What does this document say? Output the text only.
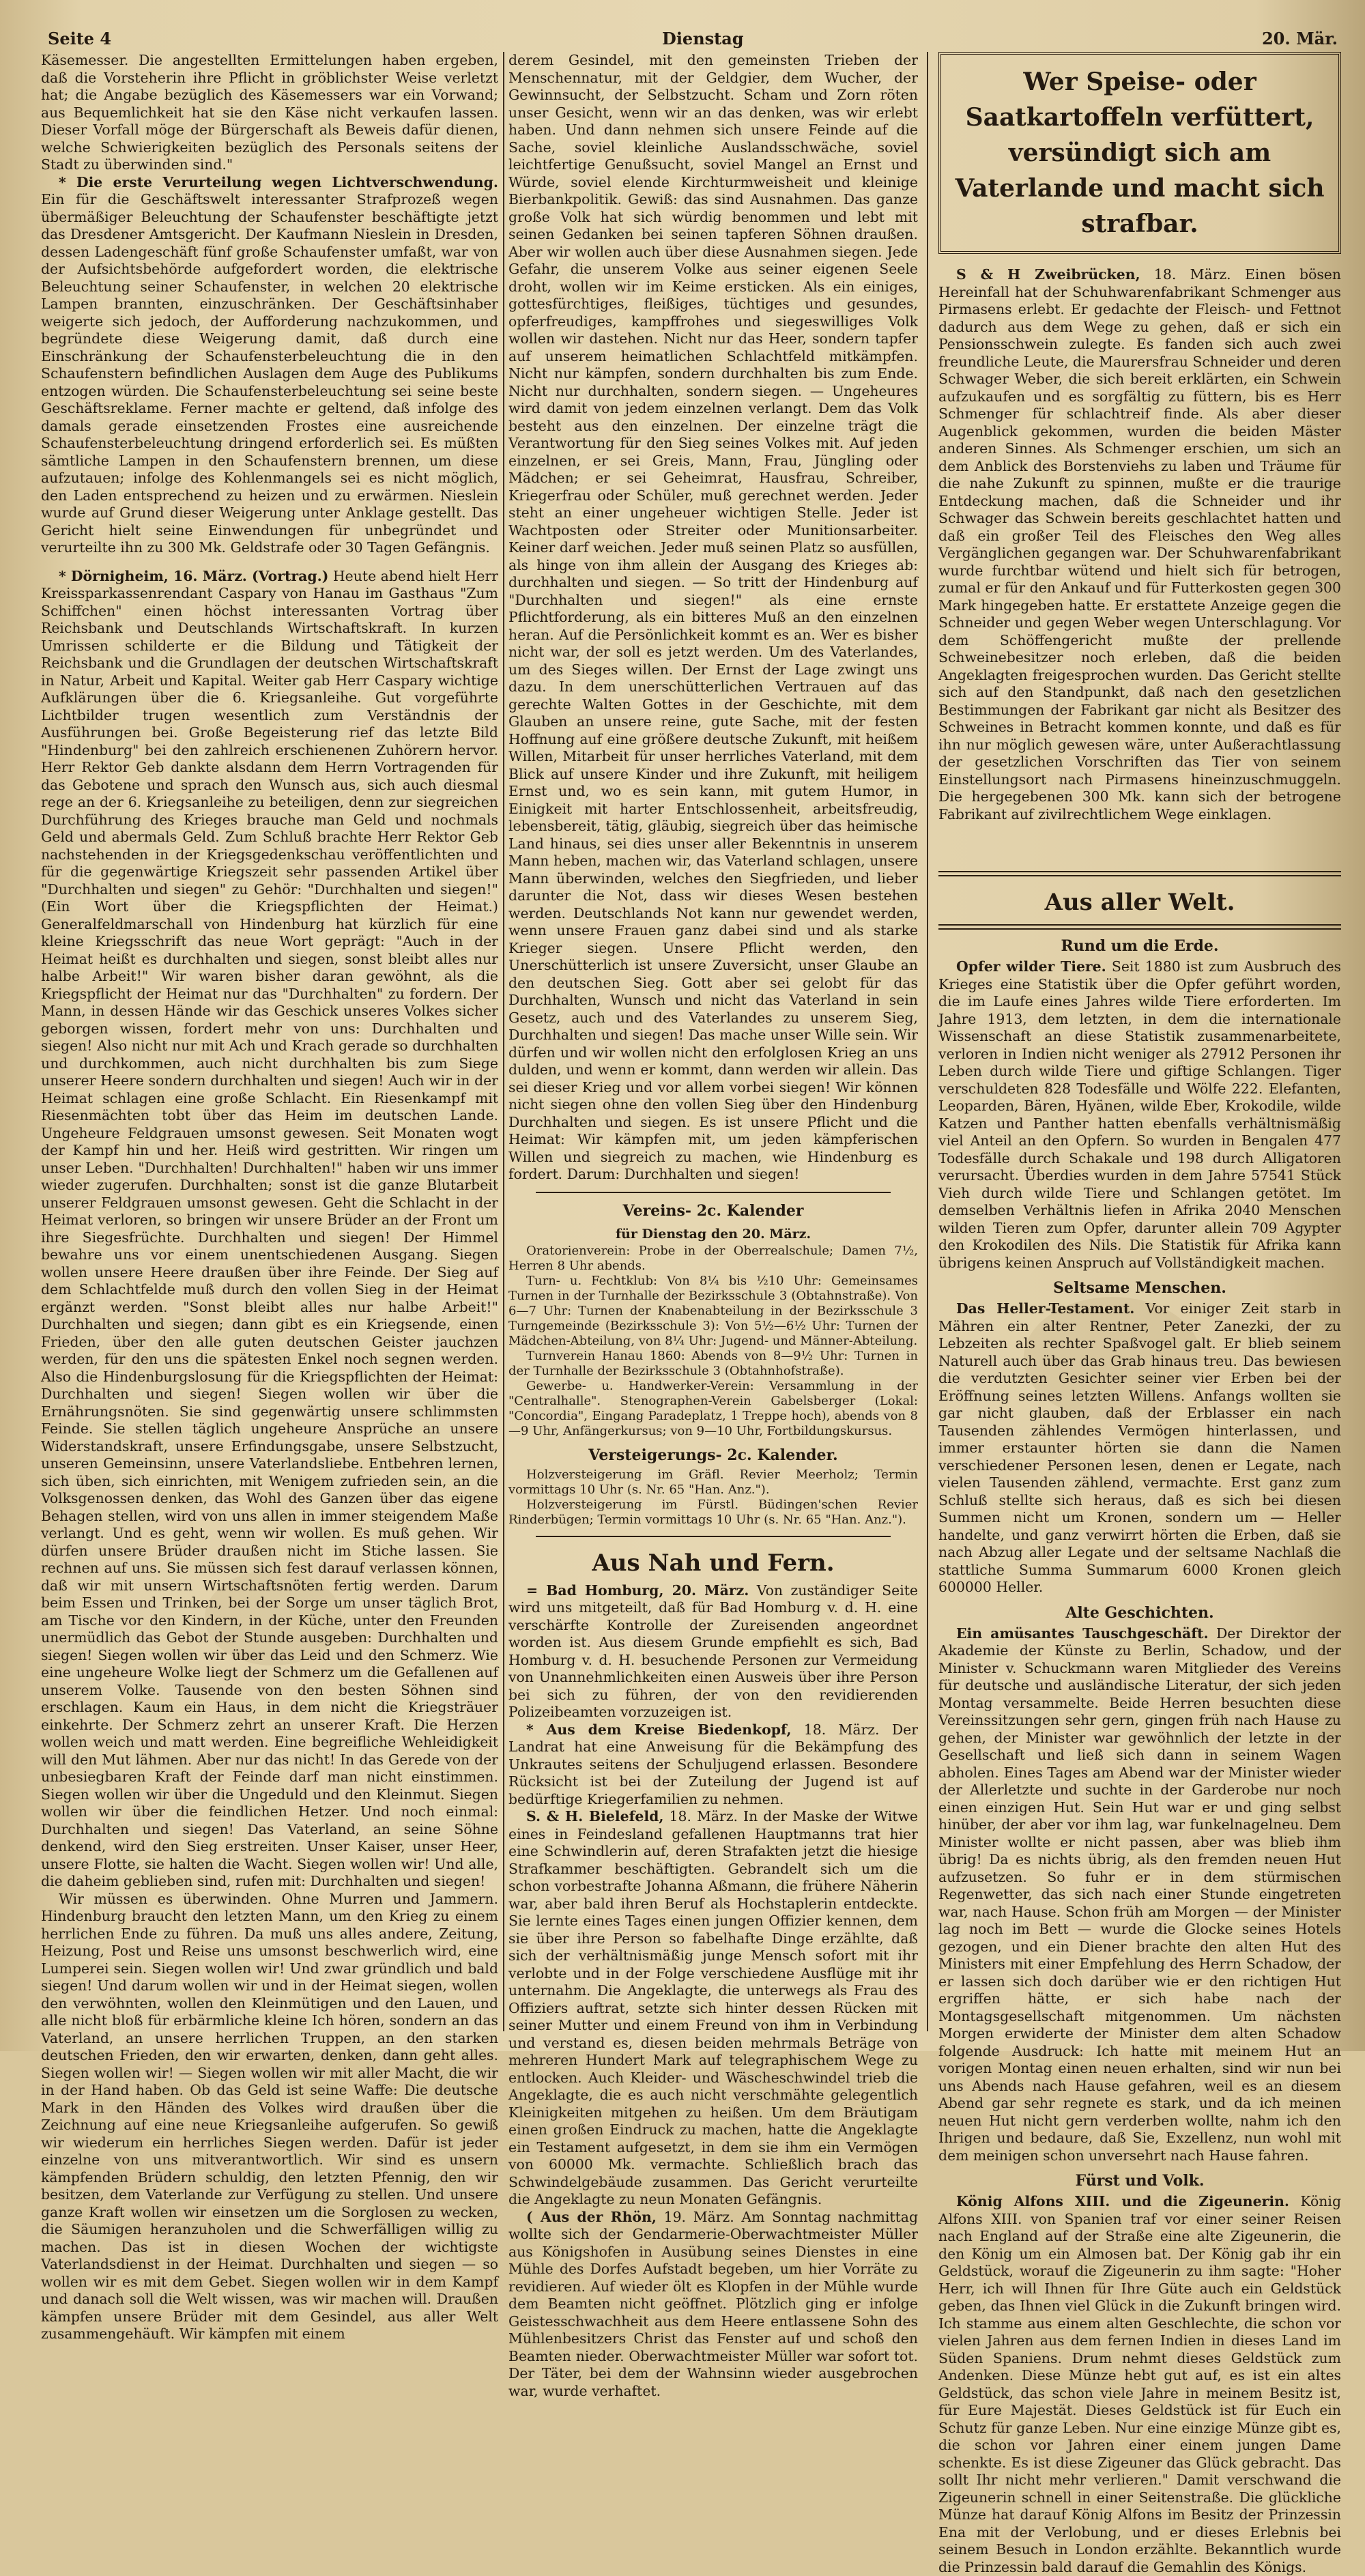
Seite 4	Dienstag	20. Mär.

Käsemesser. Die angestellten Ermittelungen haben ergeben, daß die Vorsteherin ihre Pflicht in gröblichster Weise verletzt hat; die Angabe bezüglich des Käsemessers war ein Vorwand; aus Bequemlichkeit hat sie den Käse nicht verkaufen lassen. Dieser Vorfall möge der Bürgerschaft als Beweis dafür dienen, welche Schwierigkeiten bezüglich des Personals seitens der Stadt zu überwinden sind."

* Die erste Verurteilung wegen Lichtverschwendung. Ein für die Geschäftswelt interessanter Strafprozeß wegen übermäßiger Beleuchtung der Schaufenster beschäftigte jetzt das Dresdener Amtsgericht. Der Kaufmann Nieslein in Dresden, dessen Ladengeschäft fünf große Schaufenster umfaßt, war von der Aufsichtsbehörde aufgefordert worden, die elektrische Beleuchtung seiner Schaufenster, in welchen 20 elektrische Lampen brannten, einzuschränken. Der Geschäftsinhaber weigerte sich jedoch, der Aufforderung nachzukommen, und begründete diese Weigerung damit, daß durch eine Einschränkung der Schaufensterbeleuchtung die in den Schaufenstern befindlichen Auslagen dem Auge des Publikums entzogen würden. Die Schaufensterbeleuchtung sei seine beste Geschäftsreklame. Ferner machte er geltend, daß infolge des damals gerade einsetzenden Frostes eine ausreichende Schaufensterbeleuchtung dringend erforderlich sei. Es müßten sämtliche Lampen in den Schaufenstern brennen, um diese aufzutauen; infolge des Kohlenmangels sei es nicht möglich, den Laden entsprechend zu heizen und zu erwärmen. Nieslein wurde auf Grund dieser Weigerung unter Anklage gestellt. Das Gericht hielt seine Einwendungen für unbegründet und verurteilte ihn zu 300 Mk. Geldstrafe oder 30 Tagen Gefängnis.

* Dörnigheim, 16. März. (Vortrag.) Heute abend hielt Herr Kreissparkassenrendant Caspary von Hanau im Gasthaus "Zum Schiffchen" einen höchst interessanten Vortrag über Reichsbank und Deutschlands Wirtschaftskraft. In kurzen Umrissen schilderte er die Bildung und Tätigkeit der Reichsbank und die Grundlagen der deutschen Wirtschaftskraft in Natur, Arbeit und Kapital. Weiter gab Herr Caspary wichtige Aufklärungen über die 6. Kriegsanleihe. Gut vorgeführte Lichtbilder trugen wesentlich zum Verständnis der Ausführungen bei. Große Begeisterung rief das letzte Bild "Hindenburg" bei den zahlreich erschienenen Zuhörern hervor. Herr Rektor Geb dankte alsdann dem Herrn Vortragenden für das Gebotene und sprach den Wunsch aus, sich auch diesmal rege an der 6. Kriegsanleihe zu beteiligen, denn zur siegreichen Durchführung des Krieges brauche man Geld und nochmals Geld und abermals Geld. Zum Schluß brachte Herr Rektor Geb nachstehenden in der Kriegsgedenkschau veröffentlichten und für die gegenwärtige Kriegszeit sehr passenden Artikel über "Durchhalten und siegen" zu Gehör: "Durchhalten und siegen!" (Ein Wort über die Kriegspflichten der Heimat.) Generalfeldmarschall von Hindenburg hat kürzlich für eine kleine Kriegsschrift das neue Wort geprägt: "Auch in der Heimat heißt es durchhalten und siegen, sonst bleibt alles nur halbe Arbeit!" Wir waren bisher daran gewöhnt, als die Kriegspflicht der Heimat nur das "Durchhalten" zu fordern. Der Mann, in dessen Hände wir das Geschick unseres Volkes sicher geborgen wissen, fordert mehr von uns: Durchhalten und siegen! Also nicht nur mit Ach und Krach gerade so durchhalten und durchkommen, auch nicht durchhalten bis zum Siege unserer Heere sondern durchhalten und siegen! Auch wir in der Heimat schlagen eine große Schlacht. Ein Riesenkampf mit Riesenmächten tobt über das Heim im deutschen Lande. Ungeheure Feldgrauen umsonst gewesen. Seit Monaten wogt der Kampf hin und her. Heiß wird gestritten. Wir ringen um unser Leben. "Durchhalten! Durchhalten!" haben wir uns immer wieder zugerufen. Durchhalten; sonst ist die ganze Blutarbeit unserer Feldgrauen umsonst gewesen. Geht die Schlacht in der Heimat verloren, so bringen wir unsere Brüder an der Front um ihre Siegesfrüchte. Durchhalten und siegen! Der Himmel bewahre uns vor einem unentschiedenen Ausgang. Siegen wollen unsere Heere draußen über ihre Feinde. Der Sieg auf dem Schlachtfelde muß durch den vollen Sieg in der Heimat ergänzt werden. "Sonst bleibt alles nur halbe Arbeit!" Durchhalten und siegen; dann gibt es ein Kriegsende, einen Frieden, über den alle guten deutschen Geister jauchzen werden, für den uns die spätesten Enkel noch segnen werden. Also die Hindenburgslosung für die Kriegspflichten der Heimat: Durchhalten und siegen! Siegen wollen wir über die Ernährungsnöten. Sie sind gegenwärtig unsere schlimmsten Feinde. Sie stellen täglich ungeheure Ansprüche an unsere Widerstandskraft, unsere Erfindungsgabe, unsere Selbstzucht, unseren Gemeinsinn, unsere Vaterlandsliebe. Entbehren lernen, sich üben, sich einrichten, mit Wenigem zufrieden sein, an die Volksgenossen denken, das Wohl des Ganzen über das eigene Behagen stellen, wird von uns allen in immer steigendem Maße verlangt. Und es geht, wenn wir wollen. Es muß gehen. Wir dürfen unsere Brüder draußen nicht im Stiche lassen. Sie rechnen auf uns. Sie müssen sich fest darauf verlassen können, daß wir mit unsern Wirtschaftsnöten fertig werden. Darum beim Essen und Trinken, bei der Sorge um unser täglich Brot, am Tische vor den Kindern, in der Küche, unter den Freunden unermüdlich das Gebot der Stunde ausgeben: Durchhalten und siegen! Siegen wollen wir über das Leid und den Schmerz. Wie eine ungeheure Wolke liegt der Schmerz um die Gefallenen auf unserem Volke. Tausende von den besten Söhnen sind erschlagen. Kaum ein Haus, in dem nicht die Kriegsträuer einkehrte. Der Schmerz zehrt an unserer Kraft. Die Herzen wollen weich und matt werden. Eine begreifliche Wehleidigkeit will den Mut lähmen. Aber nur das nicht! In das Gerede von der unbesiegbaren Kraft der Feinde darf man nicht einstimmen. Siegen wollen wir über die Ungeduld und den Kleinmut. Siegen wollen wir über die feindlichen Hetzer. Und noch einmal: Durchhalten und siegen! Das Vaterland, an seine Söhne denkend, wird den Sieg erstreiten. Unser Kaiser, unser Heer, unsere Flotte, sie halten die Wacht. Siegen wollen wir! Und alle, die daheim geblieben sind, rufen mit: Durchhalten und siegen!

Wir müssen es überwinden. Ohne Murren und Jammern. Hindenburg braucht den letzten Mann, um den Krieg zu einem herrlichen Ende zu führen. Da muß uns alles andere, Zeitung, Heizung, Post und Reise uns umsonst beschwerlich wird, eine Lumperei sein. Siegen wollen wir! Und zwar gründlich und bald siegen! Und darum wollen wir und in der Heimat siegen, wollen den verwöhnten, wollen den Kleinmütigen und den Lauen, und alle nicht bloß für erbärmliche kleine Ich hören, sondern an das Vaterland, an unsere herrlichen Truppen, an den starken deutschen Frieden, den wir erwarten, denken, dann geht alles. Siegen wollen wir! — Siegen wollen wir mit aller Macht, die wir in der Hand haben. Ob das Geld ist seine Waffe: Die deutsche Mark in den Händen des Volkes wird draußen über die Zeichnung auf eine neue Kriegsanleihe aufgerufen. So gewiß wir wiederum ein herrliches Siegen werden. Dafür ist jeder einzelne von uns mitverantwortlich. Wir sind es unsern kämpfenden Brüdern schuldig, den letzten Pfennig, den wir besitzen, dem Vaterlande zur Verfügung zu stellen. Und unsere ganze Kraft wollen wir einsetzen um die Sorglosen zu wecken, die Säumigen heranzuholen und die Schwerfälligen willig zu machen. Das ist in diesen Wochen der wichtigste Vaterlandsdienst in der Heimat. Durchhalten und siegen — so wollen wir es mit dem Gebet. Siegen wollen wir in dem Kampf und danach soll die Welt wissen, was wir machen will. Draußen kämpfen unsere Brüder mit dem Gesindel, aus aller Welt zusammengehäuft. Wir kämpfen mit einem

derem Gesindel, mit den gemeinsten Trieben der Menschennatur, mit der Geldgier, dem Wucher, der Gewinnsucht, der Selbstzucht. Scham und Zorn röten unser Gesicht, wenn wir an das denken, was wir erlebt haben. Und dann nehmen sich unsere Feinde auf die Sache, soviel kleinliche Auslandsschwäche, soviel leichtfertige Genußsucht, soviel Mangel an Ernst und Würde, soviel elende Kirchturmweisheit und kleinige Bierbankpolitik. Gewiß: das sind Ausnahmen. Das ganze große Volk hat sich würdig benommen und lebt mit seinen Gedanken bei seinen tapferen Söhnen draußen. Aber wir wollen auch über diese Ausnahmen siegen. Jede Gefahr, die unserem Volke aus seiner eigenen Seele droht, wollen wir im Keime ersticken. Als ein einiges, gottesfürchtiges, fleißiges, tüchtiges und gesundes, opferfreudiges, kampffrohes und siegeswilliges Volk wollen wir dastehen. Nicht nur das Heer, sondern tapfer auf unserem heimatlichen Schlachtfeld mitkämpfen. Nicht nur kämpfen, sondern durchhalten bis zum Ende. Nicht nur durchhalten, sondern siegen. — Ungeheures wird damit von jedem einzelnen verlangt. Dem das Volk besteht aus den einzelnen. Der einzelne trägt die Verantwortung für den Sieg seines Volkes mit. Auf jeden einzelnen, er sei Greis, Mann, Frau, Jüngling oder Mädchen; er sei Geheimrat, Hausfrau, Schreiber, Kriegerfrau oder Schüler, muß gerechnet werden. Jeder steht an einer ungeheuer wichtigen Stelle. Jeder ist Wachtposten oder Streiter oder Munitionsarbeiter. Keiner darf weichen. Jeder muß seinen Platz so ausfüllen, als hinge von ihm allein der Ausgang des Krieges ab: durchhalten und siegen. — So tritt der Hindenburg auf "Durchhalten und siegen!" als eine ernste Pflichtforderung, als ein bitteres Muß an den einzelnen heran. Auf die Persönlichkeit kommt es an. Wer es bisher nicht war, der soll es jetzt werden. Um des Vaterlandes, um des Sieges willen. Der Ernst der Lage zwingt uns dazu. In dem unerschütterlichen Vertrauen auf das gerechte Walten Gottes in der Geschichte, mit dem Glauben an unsere reine, gute Sache, mit der festen Hoffnung auf eine größere deutsche Zukunft, mit heißem Willen, Mitarbeit für unser herrliches Vaterland, mit dem Blick auf unsere Kinder und ihre Zukunft, mit heiligem Ernst und, wo es sein kann, mit gutem Humor, in Einigkeit mit harter Entschlossenheit, arbeitsfreudig, lebensbereit, tätig, gläubig, siegreich über das heimische Land hinaus, sei dies unser aller Bekenntnis in unserem Mann heben, machen wir, das Vaterland schlagen, unsere Mann überwinden, welches den Siegfrieden, und lieber darunter die Not, dass wir dieses Wesen bestehen werden. Deutschlands Not kann nur gewendet werden, wenn unsere Frauen ganz dabei sind und als starke Krieger siegen. Unsere Pflicht werden, den Unerschütterlich ist unsere Zuversicht, unser Glaube an den deutschen Sieg. Gott aber sei gelobt für das Durchhalten, Wunsch und nicht das Vaterland in sein Gesetz, auch und des Vaterlandes zu unserem Sieg, Durchhalten und siegen! Das mache unser Wille sein. Wir dürfen und wir wollen nicht den erfolglosen Krieg an uns dulden, und wenn er kommt, dann werden wir allein. Das sei dieser Krieg und vor allem vorbei siegen! Wir können nicht siegen ohne den vollen Sieg über den Hindenburg Durchhalten und siegen. Es ist unsere Pflicht und die Heimat: Wir kämpfen mit, um jeden kämpferischen Willen und siegreich zu machen, wie Hindenburg es fordert. Darum: Durchhalten und siegen!

Vereins- 2c. Kalender
für Dienstag den 20. März.

Oratorienverein: Probe in der Oberrealschule; Damen 7½, Herren 8 Uhr abends.

Turn- u. Fechtklub: Von 8¼ bis ½10 Uhr: Gemeinsames Turnen in der Turnhalle der Bezirksschule 3 (Obtahnstraße). Von 6—7 Uhr: Turnen der Knabenabteilung in der Bezirksschule 3 Turngemeinde (Bezirksschule 3): Von 5½—6½ Uhr: Turnen der Mädchen-Abteilung, von 8¼ Uhr: Jugend- und Männer-Abteilung.

Turnverein Hanau 1860: Abends von 8—9½ Uhr: Turnen in der Turnhalle der Bezirksschule 3 (Obtahnhofstraße).

Gewerbe- u. Handwerker-Verein: Versammlung in der "Centralhalle". Stenographen-Verein Gabelsberger (Lokal: "Concordia", Eingang Paradeplatz, 1 Treppe hoch), abends von 8—9 Uhr, Anfängerkursus; von 9—10 Uhr, Fortbildungskursus.

Versteigerungs- 2c. Kalender.

Holzversteigerung im Gräfl. Revier Meerholz; Termin vormittags 10 Uhr (s. Nr. 65 "Han. Anz.").

Holzversteigerung im Fürstl. Büdingen'schen Revier Rinderbügen; Termin vormittags 10 Uhr (s. Nr. 65 "Han. Anz.").

Aus Nah und Fern.

= Bad Homburg, 20. März. Von zuständiger Seite wird uns mitgeteilt, daß für Bad Homburg v. d. H. eine verschärfte Kontrolle der Zureisenden angeordnet worden ist. Aus diesem Grunde empfiehlt es sich, Bad Homburg v. d. H. besuchende Personen zur Vermeidung von Unannehmlichkeiten einen Ausweis über ihre Person bei sich zu führen, der von den revidierenden Polizeibeamten vorzuzeigen ist.

* Aus dem Kreise Biedenkopf, 18. März. Der Landrat hat eine Anweisung für die Bekämpfung des Unkrautes seitens der Schuljugend erlassen. Besondere Rücksicht ist bei der Zuteilung der Jugend ist auf bedürftige Kriegerfamilien zu nehmen.

S. & H. Bielefeld, 18. März. In der Maske der Witwe eines in Feindesland gefallenen Hauptmanns trat hier eine Schwindlerin auf, deren Strafakten jetzt die hiesige Strafkammer beschäftigten. Gebrandelt sich um die schon vorbestrafte Johanna Aßmann, die frühere Näherin war, aber bald ihren Beruf als Hochstaplerin entdeckte. Sie lernte eines Tages einen jungen Offizier kennen, dem sie über ihre Person so fabelhafte Dinge erzählte, daß sich der verhältnismäßig junge Mensch sofort mit ihr verlobte und in der Folge verschiedene Ausflüge mit ihr unternahm. Die Angeklagte, die unterwegs als Frau des Offiziers auftrat, setzte sich hinter dessen Rücken mit seiner Mutter und einem Freund von ihm in Verbindung und verstand es, diesen beiden mehrmals Beträge von mehreren Hundert Mark auf telegraphischem Wege zu entlocken. Auch Kleider- und Wäscheschwindel trieb die Angeklagte, die es auch nicht verschmähte gelegentlich Kleinigkeiten mitgehen zu heißen. Um dem Bräutigam einen großen Eindruck zu machen, hatte die Angeklagte ein Testament aufgesetzt, in dem sie ihm ein Vermögen von 60000 Mk. vermachte. Schließlich brach das Schwindelgebäude zusammen. Das Gericht verurteilte die Angeklagte zu neun Monaten Gefängnis.

( Aus der Rhön, 19. März. Am Sonntag nachmittag wollte sich der Gendarmerie-Oberwachtmeister Müller aus Königshofen in Ausübung seines Dienstes in eine Mühle des Dorfes Aufstadt begeben, um hier Vorräte zu revidieren. Auf wieder ölt es Klopfen in der Mühle wurde dem Beamten nicht geöffnet. Plötzlich ging er infolge Geistesschwachheit aus dem Heere entlassene Sohn des Mühlenbesitzers Christ das Fenster auf und schoß den Beamten nieder. Oberwachtmeister Müller war sofort tot. Der Täter, bei dem der Wahnsinn wieder ausgebrochen war, wurde verhaftet.

Wer Speise- oder Saatkartoffeln verfüttert, versündigt sich am Vaterlande und macht sich strafbar.

S & H Zweibrücken, 18. März. Einen bösen Hereinfall hat der Schuhwarenfabrikant Schmenger aus Pirmasens erlebt. Er gedachte der Fleisch- und Fettnot dadurch aus dem Wege zu gehen, daß er sich ein Pensionsschwein zulegte. Es fanden sich auch zwei freundliche Leute, die Maurersfrau Schneider und deren Schwager Weber, die sich bereit erklärten, ein Schwein aufzukaufen und es sorgfältig zu füttern, bis es Herr Schmenger für schlachtreif finde. Als aber dieser Augenblick gekommen, wurden die beiden Mäster anderen Sinnes. Als Schmenger erschien, um sich an dem Anblick des Borstenviehs zu laben und Träume für die nahe Zukunft zu spinnen, mußte er die traurige Entdeckung machen, daß die Schneider und ihr Schwager das Schwein bereits geschlachtet hatten und daß ein großer Teil des Fleisches den Weg alles Vergänglichen gegangen war. Der Schuhwarenfabrikant wurde furchtbar wütend und hielt sich für betrogen, zumal er für den Ankauf und für Futterkosten gegen 300 Mark hingegeben hatte. Er erstattete Anzeige gegen die Schneider und gegen Weber wegen Unterschlagung. Vor dem Schöffengericht mußte der prellende Schweinebesitzer noch erleben, daß die beiden Angeklagten freigesprochen wurden. Das Gericht stellte sich auf den Standpunkt, daß nach den gesetzlichen Bestimmungen der Fabrikant gar nicht als Besitzer des Schweines in Betracht kommen konnte, und daß es für ihn nur möglich gewesen wäre, unter Außerachtlassung der gesetzlichen Vorschriften das Tier von seinem Einstellungsort nach Pirmasens hineinzuschmuggeln. Die hergegebenen 300 Mk. kann sich der betrogene Fabrikant auf zivilrechtlichem Wege einklagen.

Aus aller Welt.
Rund um die Erde.

Opfer wilder Tiere. Seit 1880 ist zum Ausbruch des Krieges eine Statistik über die Opfer geführt worden, die im Laufe eines Jahres wilde Tiere erforderten. Im Jahre 1913, dem letzten, in dem die internationale Wissenschaft an diese Statistik zusammenarbeitete, verloren in Indien nicht weniger als 27912 Personen ihr Leben durch wilde Tiere und giftige Schlangen. Tiger verschuldeten 828 Todesfälle und Wölfe 222. Elefanten, Leoparden, Bären, Hyänen, wilde Eber, Krokodile, wilde Katzen und Panther hatten ebenfalls verhältnismäßig viel Anteil an den Opfern. So wurden in Bengalen 477 Todesfälle durch Schakale und 198 durch Alligatoren verursacht. Überdies wurden in dem Jahre 57541 Stück Vieh durch wilde Tiere und Schlangen getötet. Im demselben Verhältnis liefen in Afrika 2040 Menschen wilden Tieren zum Opfer, darunter allein 709 Agypter den Krokodilen des Nils. Die Statistik für Afrika kann übrigens keinen Anspruch auf Vollständigkeit machen.

Seltsame Menschen.

Das Heller-Testament. Vor einiger Zeit starb in Mähren ein alter Rentner, Peter Zanezki, der zu Lebzeiten als rechter Spaßvogel galt. Er blieb seinem Naturell auch über das Grab hinaus treu. Das bewiesen die verdutzten Gesichter seiner vier Erben bei der Eröffnung seines letzten Willens. Anfangs wollten sie gar nicht glauben, daß der Erblasser ein nach Tausenden zählendes Vermögen hinterlassen, und immer erstaunter hörten sie dann die Namen verschiedener Personen lesen, denen er Legate, nach vielen Tausenden zählend, vermachte. Erst ganz zum Schluß stellte sich heraus, daß es sich bei diesen Summen nicht um Kronen, sondern um — Heller handelte, und ganz verwirrt hörten die Erben, daß sie nach Abzug aller Legate und der seltsame Nachlaß die stattliche Summa Summarum 6000 Kronen gleich 600000 Heller.

Alte Geschichten.

Ein amüsantes Tauschgeschäft. Der Direktor der Akademie der Künste zu Berlin, Schadow, und der Minister v. Schuckmann waren Mitglieder des Vereins für deutsche und ausländische Literatur, der sich jeden Montag versammelte. Beide Herren besuchten diese Vereinssitzungen sehr gern, gingen früh nach Hause zu gehen, der Minister war gewöhnlich der letzte in der Gesellschaft und ließ sich dann in seinem Wagen abholen. Eines Tages am Abend war der Minister wieder der Allerletzte und suchte in der Garderobe nur noch einen einzigen Hut. Sein Hut war er und ging selbst hinüber, der aber vor ihm lag, war funkelnagelneu. Dem Minister wollte er nicht passen, aber was blieb ihm übrig! Da es nichts übrig, als den fremden neuen Hut aufzusetzen. So fuhr er in dem stürmischen Regenwetter, das sich nach einer Stunde eingetreten war, nach Hause. Schon früh am Morgen — der Minister lag noch im Bett — wurde die Glocke seines Hotels gezogen, und ein Diener brachte den alten Hut des Ministers mit einer Empfehlung des Herrn Schadow, der er lassen sich doch darüber wie er den richtigen Hut ergriffen hätte, er sich habe nach der Montagsgesellschaft mitgenommen. Um nächsten Morgen erwiderte der Minister dem alten Schadow folgende Ausdruck: Ich hatte mit meinem Hut an vorigen Montag einen neuen erhalten, sind wir nun bei uns Abends nach Hause gefahren, weil es an diesem Abend gar sehr regnete es stark, und da ich meinen neuen Hut nicht gern verderben wollte, nahm ich den Ihrigen und bedaure, daß Sie, Exzellenz, nun wohl mit dem meinigen schon unversehrt nach Hause fahren.

Fürst und Volk.

König Alfons XIII. und die Zigeunerin. König Alfons XIII. von Spanien traf vor einer seiner Reisen nach England auf der Straße eine alte Zigeunerin, die den König um ein Almosen bat. Der König gab ihr ein Geldstück, worauf die Zigeunerin zu ihm sagte: "Hoher Herr, ich will Ihnen für Ihre Güte auch ein Geldstück geben, das Ihnen viel Glück in die Zukunft bringen wird. Ich stamme aus einem alten Geschlechte, die schon vor vielen Jahren aus dem fernen Indien in dieses Land im Süden Spaniens. Drum nehmt dieses Geldstück zum Andenken. Diese Münze hebt gut auf, es ist ein altes Geldstück, das schon viele Jahre in meinem Besitz ist, für Eure Majestät. Dieses Geldstück ist für Euch ein Schutz für ganze Leben. Nur eine einzige Münze gibt es, die schon vor Jahren einer einem jungen Dame schenkte. Es ist diese Zigeuner das Glück gebracht. Das sollt Ihr nicht mehr verlieren." Damit verschwand die Zigeunerin schnell in einer Seitenstraße. Die glückliche Münze hat darauf König Alfons im Besitz der Prinzessin Ena mit der Verlobung, und er dieses Erlebnis bei seinem Besuch in London erzählte. Bekanntlich wurde die Prinzessin bald darauf die Gemahlin des Königs.
